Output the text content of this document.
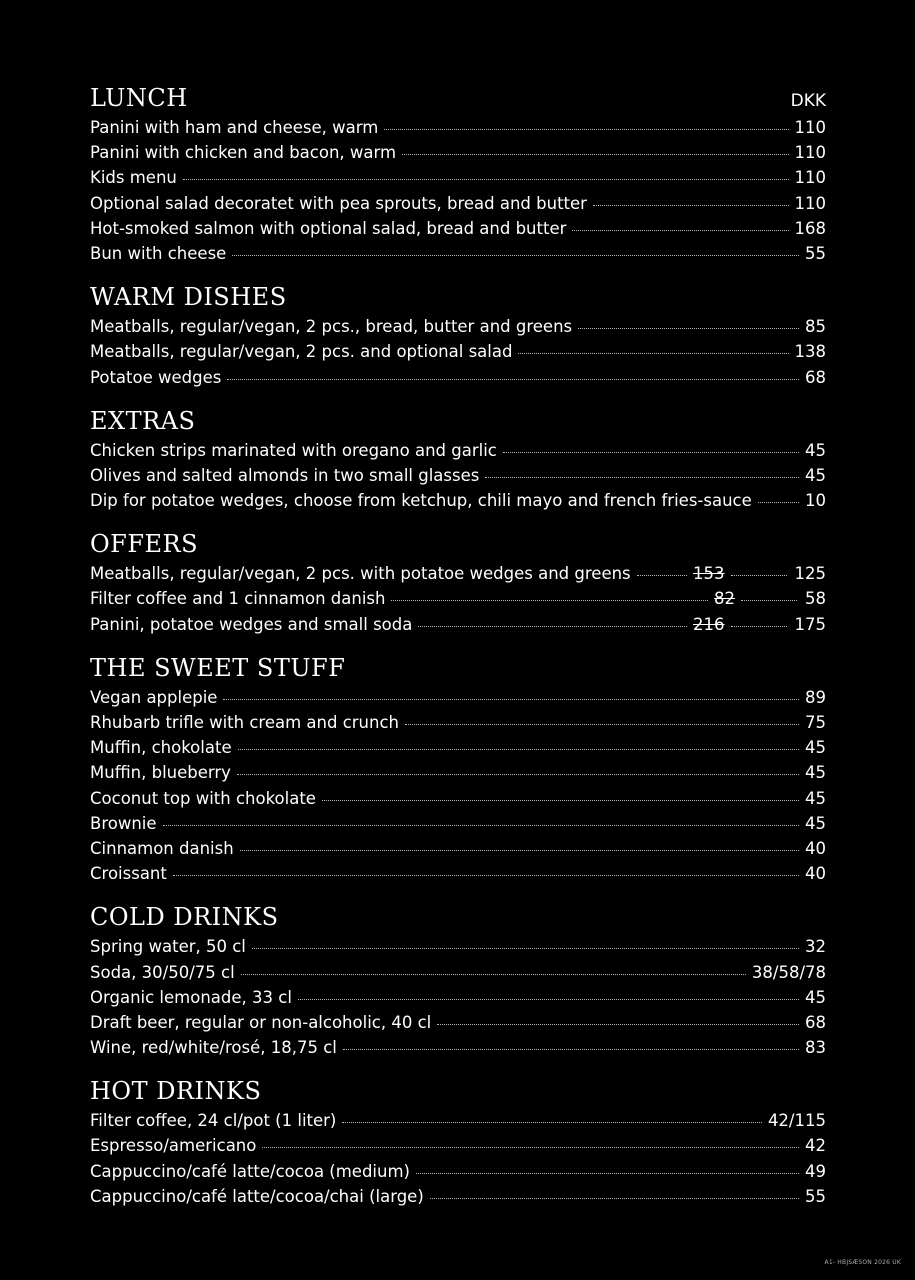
LUNCH	DKK
Panini with ham and cheese, warm	110
Panini with chicken and bacon, warm	110
Kids menu	110
Optional salad decoratet with pea sprouts, bread and butter	110
Hot-smoked salmon with optional salad, bread and butter	168
Bun with cheese	55
WARM DISHES
Meatballs, regular/vegan, 2 pcs., bread, butter and greens	85
Meatballs, regular/vegan, 2 pcs. and optional salad	138
Potatoe wedges	68
EXTRAS
Chicken strips marinated with oregano and garlic	45
Olives and salted almonds in two small glasses	45
Dip for potatoe wedges, choose from ketchup, chili mayo and french fries-sauce	10
OFFERS
Meatballs, regular/vegan, 2 pcs. with potatoe wedges and greens	153	125
Filter coffee and 1 cinnamon danish	82	58
Panini, potatoe wedges and small soda	216	175
THE SWEET STUFF
Vegan applepie	89
Rhubarb trifle with cream and crunch	75
Muffin, chokolate	45
Muffin, blueberry	45
Coconut top with chokolate	45
Brownie	45
Cinnamon danish	40
Croissant	40
COLD DRINKS
Spring water, 50 cl	32
Soda, 30/50/75 cl	38/58/78
Organic lemonade, 33 cl	45
Draft beer, regular or non-alcoholic, 40 cl	68
Wine, red/white/rosé, 18,75 cl	83
HOT DRINKS
Filter coffee, 24 cl/pot (1 liter)	42/115
Espresso/americano	42
Cappuccino/café latte/cocoa (medium)	49
Cappuccino/café latte/cocoa/chai (large)	55
A1- HBJSÆSON 2026 UK
